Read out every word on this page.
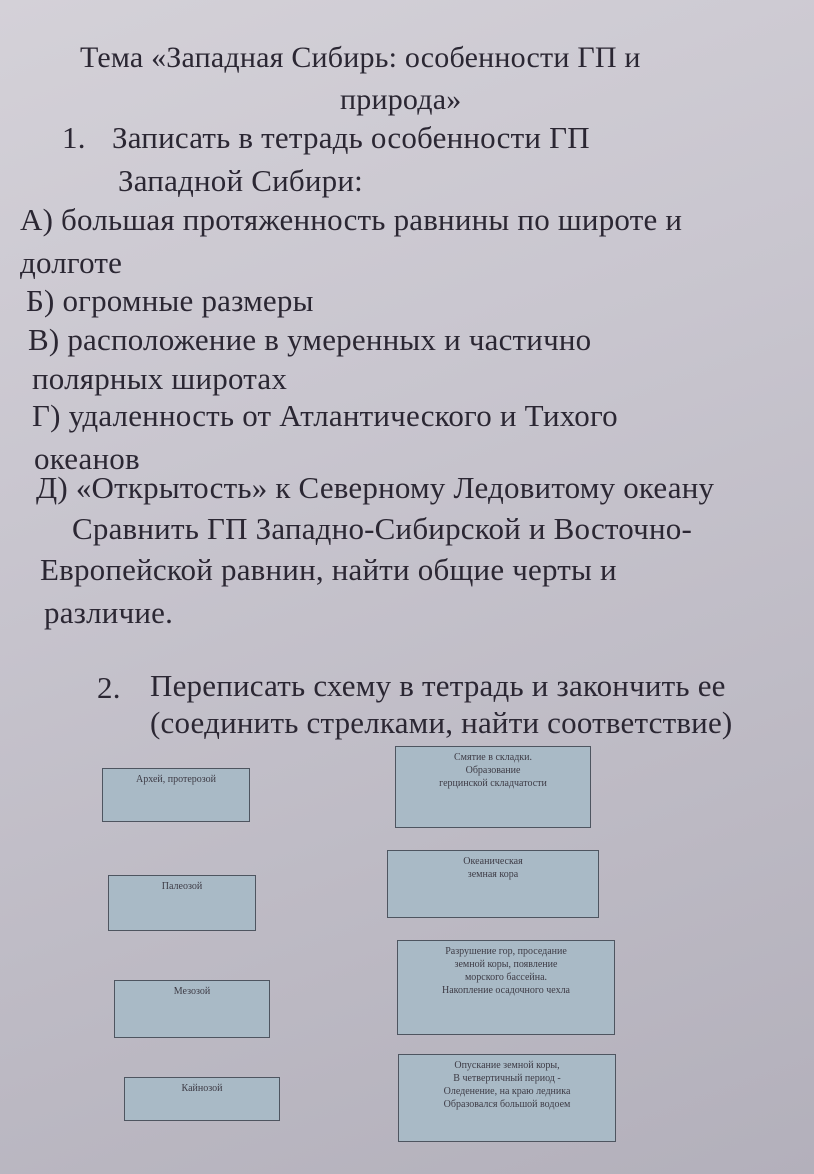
Тема «Западная Сибирь: особенности ГП и
природа»
1. Записать в тетрадь особенности ГП
Западной Сибири:
А) большая протяженность равнины по широте и
долготе
Б) огромные размеры
В) расположение в умеренных и частично
полярных широтах
Г) удаленность от Атлантического и Тихого
океанов
Д) «Открытость» к Северному Ледовитому океану
Сравнить ГП Западно-Сибирской и Восточно-
Европейской равнин, найти общие черты и
различие.
2. Переписать схему в тетрадь и закончить ее
(соединить стрелками, найти соответствие)
Архей, протерозой
Палеозой
Мезозой
Кайнозой
Смятие в складки.
Образование
герцинской складчатости
Океаническая
земная кора
Разрушение гор, проседание
земной коры, появление
морского бассейна.
Накопление осадочного чехла
Опускание земной коры,
В четвертичный период -
Оледенение, на краю ледника
Образовался большой водоем
